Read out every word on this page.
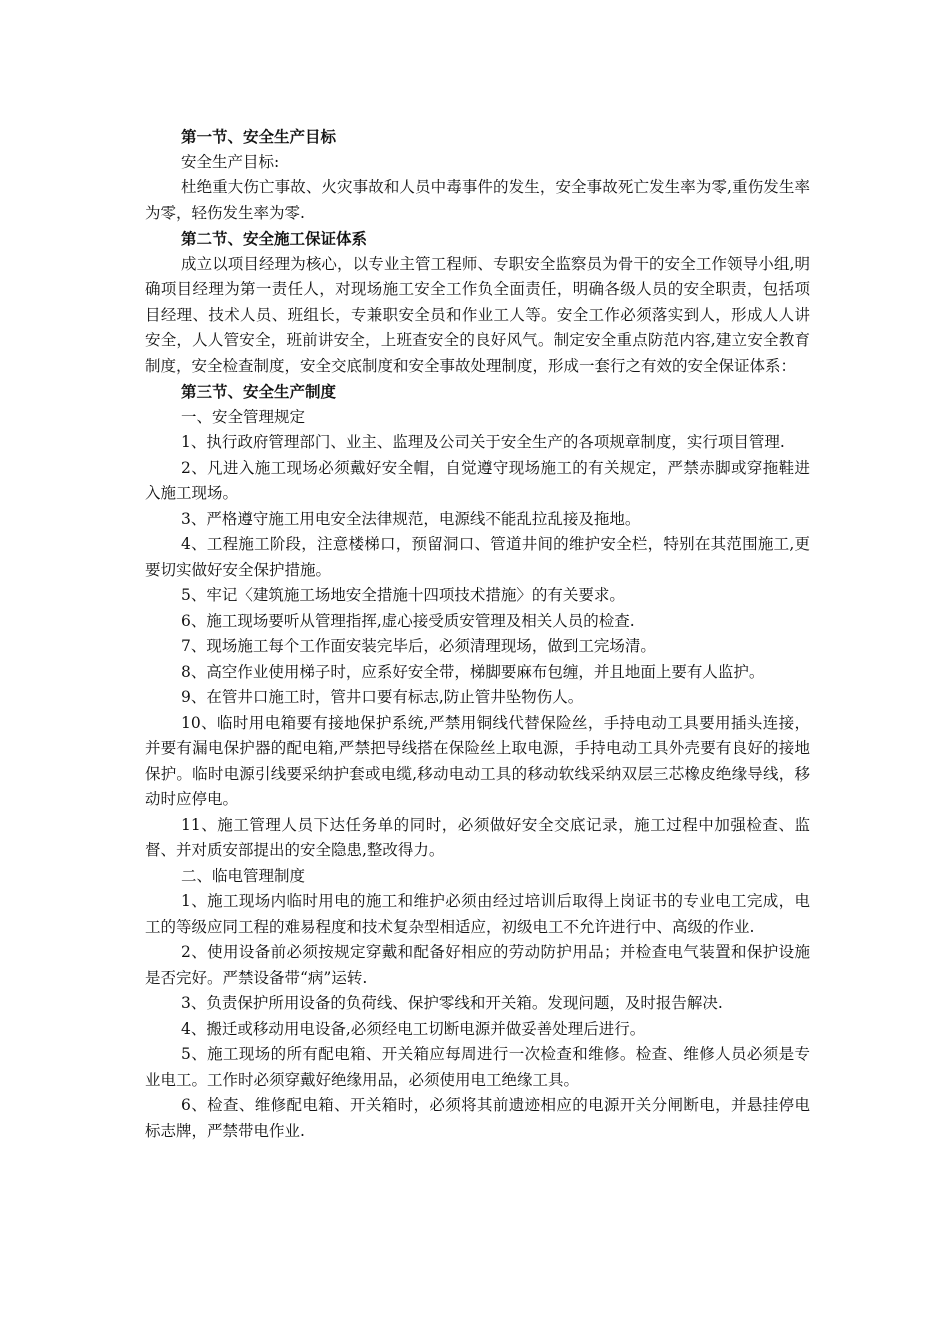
第一节、安全生产目标

安全生产目标:

杜绝重大伤亡事故、火灾事故和人员中毒事件的发生，安全事故死亡发生率为零,重伤发生率为零，轻伤发生率为零.

第二节、安全施工保证体系

成立以项目经理为核心，以专业主管工程师、专职安全监察员为骨干的安全工作领导小组,明确项目经理为第一责任人，对现场施工安全工作负全面责任，明确各级人员的安全职责，包括项目经理、技术人员、班组长，专兼职安全员和作业工人等。安全工作必须落实到人，形成人人讲安全，人人管安全，班前讲安全，上班查安全的良好风气。制定安全重点防范内容,建立安全教育制度，安全检查制度，安全交底制度和安全事故处理制度，形成一套行之有效的安全保证体系：

第三节、安全生产制度

一、安全管理规定

1、执行政府管理部门、业主、监理及公司关于安全生产的各项规章制度，实行项目管理.

2、凡进入施工现场必须戴好安全帽，自觉遵守现场施工的有关规定，严禁赤脚或穿拖鞋进入施工现场。

3、严格遵守施工用电安全法律规范，电源线不能乱拉乱接及拖地。

4、工程施工阶段，注意楼梯口，预留洞口、管道井间的维护安全栏，特别在其范围施工,更要切实做好安全保护措施。

5、牢记〈建筑施工场地安全措施十四项技术措施〉的有关要求。

6、施工现场要听从管理指挥,虚心接受质安管理及相关人员的检查.

7、现场施工每个工作面安装完毕后，必须清理现场，做到工完场清。

8、高空作业使用梯子时，应系好安全带，梯脚要麻布包缠，并且地面上要有人监护。

9、在管井口施工时，管井口要有标志,防止管井坠物伤人。

10、临时用电箱要有接地保护系统,严禁用铜线代替保险丝，手持电动工具要用插头连接，并要有漏电保护器的配电箱,严禁把导线搭在保险丝上取电源，手持电动工具外壳要有良好的接地保护。临时电源引线要采纳护套或电缆,移动电动工具的移动软线采纳双层三芯橡皮绝缘导线，移动时应停电。

11、施工管理人员下达任务单的同时，必须做好安全交底记录，施工过程中加强检查、监督、并对质安部提出的安全隐患,整改得力。

二、临电管理制度

1、施工现场内临时用电的施工和维护必须由经过培训后取得上岗证书的专业电工完成，电工的等级应同工程的难易程度和技术复杂型相适应，初级电工不允许进行中、高级的作业.

2、使用设备前必须按规定穿戴和配备好相应的劳动防护用品；并检查电气装置和保护设施是否完好。严禁设备带“病”运转.

3、负责保护所用设备的负荷线、保护零线和开关箱。发现问题，及时报告解决.

4、搬迁或移动用电设备,必须经电工切断电源并做妥善处理后进行。

5、施工现场的所有配电箱、开关箱应每周进行一次检查和维修。检查、维修人员必须是专业电工。工作时必须穿戴好绝缘用品，必须使用电工绝缘工具。

6、检查、维修配电箱、开关箱时，必须将其前遗迹相应的电源开关分闸断电，并悬挂停电标志牌，严禁带电作业.
